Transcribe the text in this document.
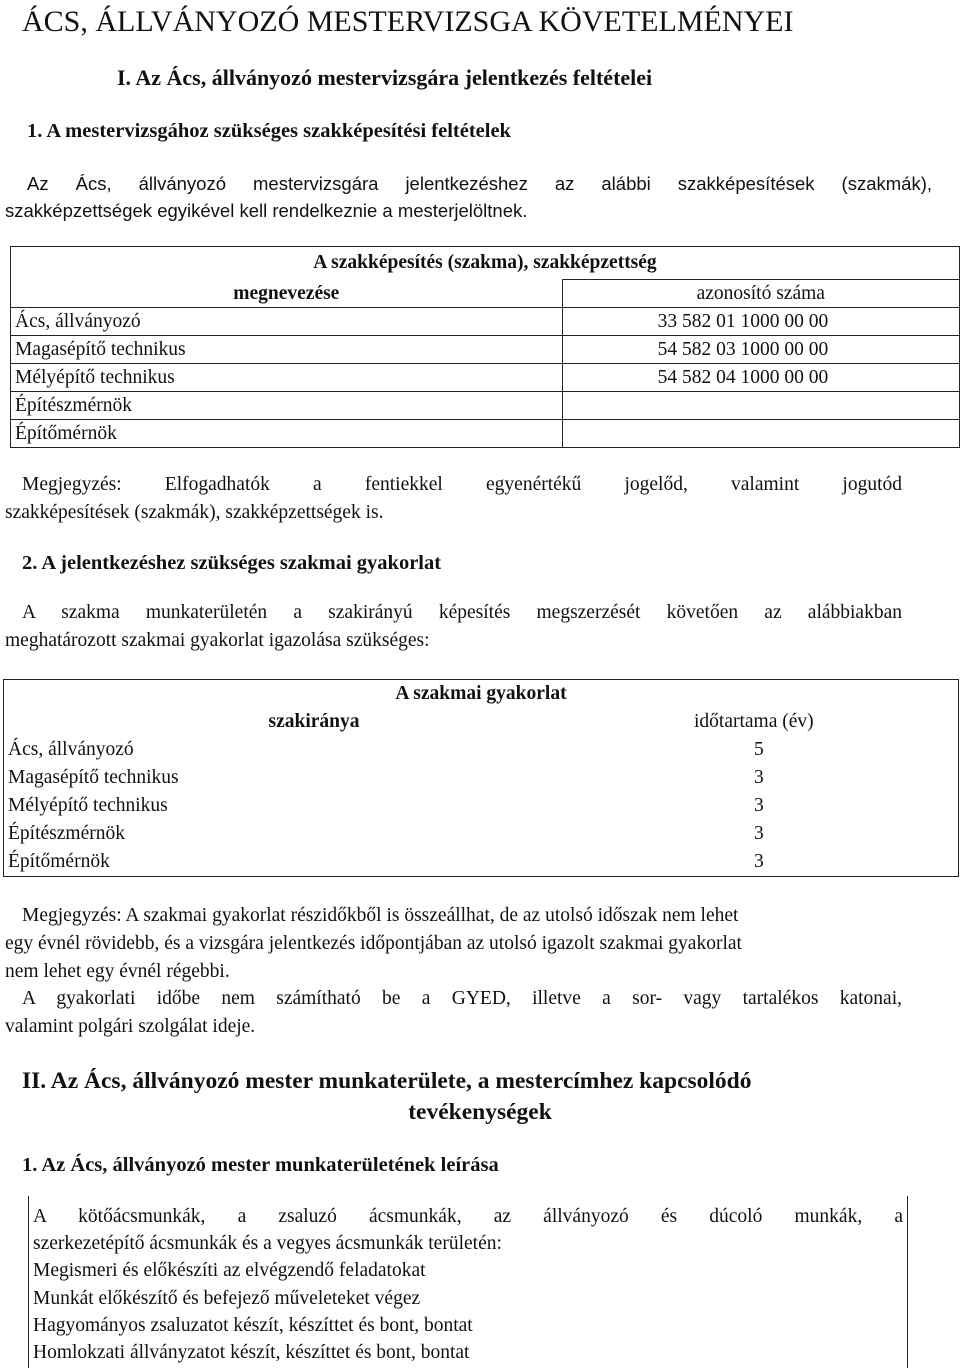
ÁCS, ÁLLVÁNYOZÓ MESTERVIZSGA KÖVETELMÉNYEI
I. Az Ács, állványozó mestervizsgára jelentkezés feltételei
1. A mestervizsgához szükséges szakképesítési feltételek
Az Ács, állványozó mestervizsgára jelentkezéshez az alábbi szakképesítések (szakmák),
szakképzettségek egyikével kell rendelkeznie a mesterjelöltnek.
A szakképesítés (szakma), szakképzettség	
megnevezése	azonosító száma
Ács, állványozó	33 582 01 1000 00 00
Magasépítő technikus	54 582 03 1000 00 00
Mélyépítő technikus	54 582 04 1000 00 00
Építészmérnök	
Építőmérnök	
Megjegyzés: Elfogadhatók a fentiekkel egyenértékű jogelőd, valamint jogutód
szakképesítések (szakmák), szakképzettségek is.
2. A jelentkezéshez szükséges szakmai gyakorlat
A szakma munkaterületén a szakirányú képesítés megszerzését követően az alábbiakban
meghatározott szakmai gyakorlat igazolása szükséges:
A szakmai gyakorlat	
szakiránya	időtartama (év)
Ács, állványozó	5
Magasépítő technikus	3
Mélyépítő technikus	3
Építészmérnök	3
Építőmérnök	3
Megjegyzés: A szakmai gyakorlat részidőkből is összeállhat, de az utolsó időszak nem lehet
egy évnél rövidebb, és a vizsgára jelentkezés időpontjában az utolsó igazolt szakmai gyakorlat
nem lehet egy évnél régebbi.
A gyakorlati időbe nem számítható be a GYED, illetve a sor- vagy tartalékos katonai,
valamint polgári szolgálat ideje.
II. Az Ács, állványozó mester munkaterülete, a mestercímhez kapcsolódó
tevékenységek
1. Az Ács, állványozó mester munkaterületének leírása
A kötőácsmunkák, a zsaluzó ácsmunkák, az állványozó és dúcoló munkák, a
szerkezetépítő ácsmunkák és a vegyes ácsmunkák területén:
Megismeri és előkészíti az elvégzendő feladatokat
Munkát előkészítő és befejező műveleteket végez
Hagyományos zsaluzatot készít, készíttet és bont, bontat
Homlokzati állványzatot készít, készíttet és bont, bontat
